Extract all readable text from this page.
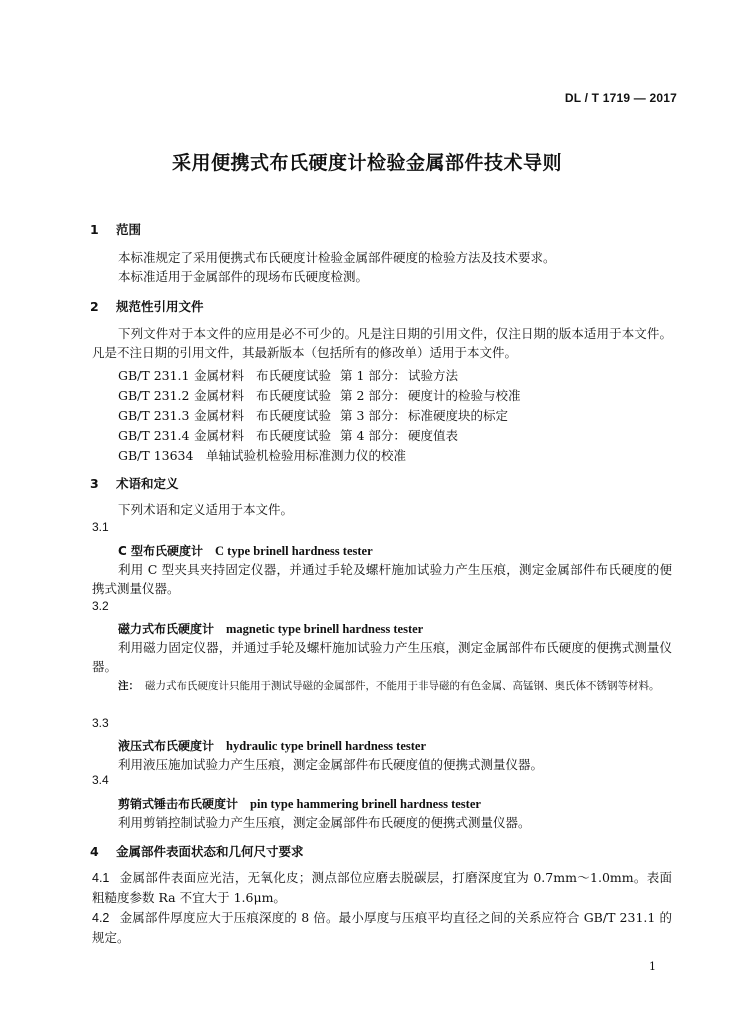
DL / T 1719 — 2017
采用便携式布氏硬度计检验金属部件技术导则
1 范围
本标准规定了采用便携式布氏硬度计检验金属部件硬度的检验方法及技术要求。
本标准适用于金属部件的现场布氏硬度检测。
2 规范性引用文件
下列文件对于本文件的应用是必不可少的。凡是注日期的引用文件，仅注日期的版本适用于本文件。凡是不注日期的引用文件，其最新版本（包括所有的修改单）适用于本文件。
GB/T 231.1 金属材料 布氏硬度试验 第 1 部分： 试验方法
GB/T 231.2 金属材料 布氏硬度试验 第 2 部分： 硬度计的检验与校准
GB/T 231.3 金属材料 布氏硬度试验 第 3 部分： 标准硬度块的标定
GB/T 231.4 金属材料 布氏硬度试验 第 4 部分： 硬度值表
GB/T 13634　单轴试验机检验用标准测力仪的校准
3 术语和定义
下列术语和定义适用于本文件。
3.1
C 型布氏硬度计 C type brinell hardness tester
利用 C 型夹具夹持固定仪器，并通过手轮及螺杆施加试验力产生压痕，测定金属部件布氏硬度的便携式测量仪器。
3.2
磁力式布氏硬度计 magnetic type brinell hardness tester
利用磁力固定仪器，并通过手轮及螺杆施加试验力产生压痕，测定金属部件布氏硬度的便携式测量仪器。
注： 磁力式布氏硬度计只能用于测试导磁的金属部件，不能用于非导磁的有色金属、高锰钢、奥氏体不锈钢等材料。
3.3
液压式布氏硬度计 hydraulic type brinell hardness tester
利用液压施加试验力产生压痕，测定金属部件布氏硬度值的便携式测量仪器。
3.4
剪销式锤击布氏硬度计 pin type hammering brinell hardness tester
利用剪销控制试验力产生压痕，测定金属部件布氏硬度的便携式测量仪器。
4 金属部件表面状态和几何尺寸要求
4.1 金属部件表面应光洁，无氧化皮；测点部位应磨去脱碳层，打磨深度宜为 0.7mm～1.0mm。表面粗糙度参数 Ra 不宜大于 1.6μm。
4.2 金属部件厚度应大于压痕深度的 8 倍。最小厚度与压痕平均直径之间的关系应符合 GB/T 231.1 的规定。
1
